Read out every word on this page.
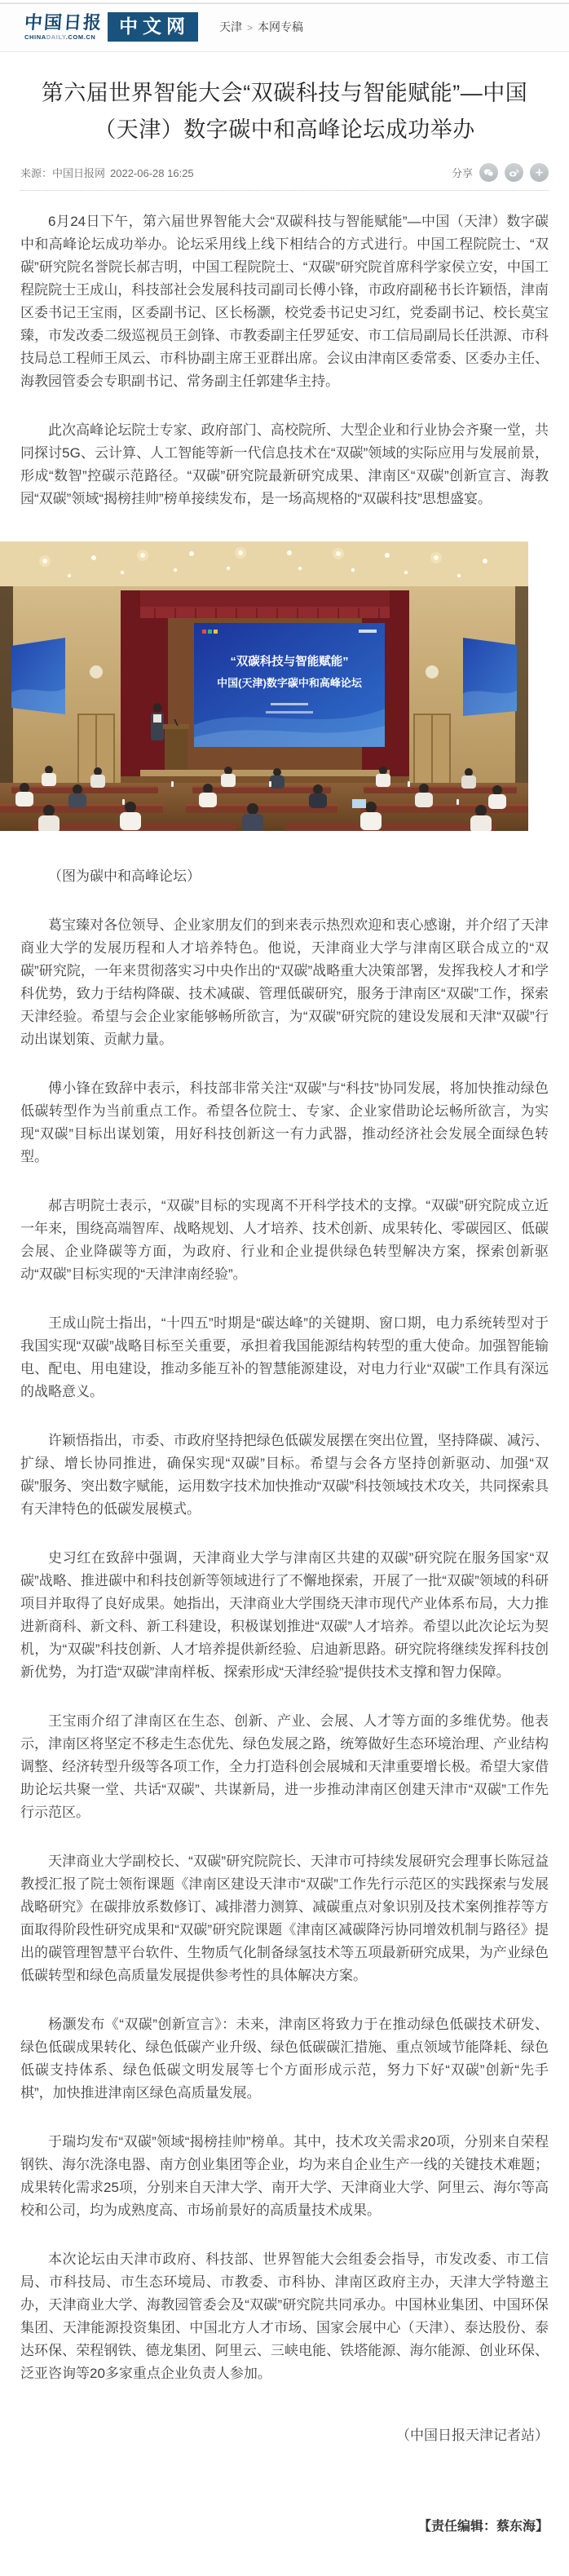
中国日报
CHINADAILY.COM.CN
中文网	天津 > 本网专稿
第六届世界智能大会“双碳科技与智能赋能”—中国（天津）数字碳中和高峰论坛成功举办
来源：中国日报网 2022-06-28 16:25	分享

6月24日下午，第六届世界智能大会“双碳科技与智能赋能”—中国（天津）数字碳中和高峰论坛成功举办。论坛采用线上线下相结合的方式进行。中国工程院院士、“双碳”研究院名誉院长郝吉明，中国工程院院士、“双碳”研究院首席科学家侯立安，中国工程院院士王成山，科技部社会发展科技司副司长傅小锋，市政府副秘书长许颖悟，津南区委书记王宝雨，区委副书记、区长杨灏，校党委书记史习红，党委副书记、校长莫宝臻，市发改委二级巡视员王剑锋、市教委副主任罗延安、市工信局副局长任洪源、市科技局总工程师王凤云、市科协副主席王亚群出席。会议由津南区委常委、区委办主任、海教园管委会专职副书记、常务副主任郭建华主持。

此次高峰论坛院士专家、政府部门、高校院所、大型企业和行业协会齐聚一堂，共同探讨5G、云计算、人工智能等新一代信息技术在“双碳”领域的实际应用与发展前景，形成“数智”控碳示范路径。“双碳”研究院最新研究成果、津南区“双碳”创新宣言、海教园“双碳”领域“揭榜挂帅”榜单接续发布，是一场高规格的“双碳科技”思想盛宴。

“双碳科技与智能赋能”
中国(天津)数字碳中和高峰论坛

（图为碳中和高峰论坛）

葛宝臻对各位领导、企业家朋友们的到来表示热烈欢迎和衷心感谢，并介绍了天津商业大学的发展历程和人才培养特色。他说，天津商业大学与津南区联合成立的“双碳”研究院，一年来贯彻落实习中央作出的“双碳”战略重大决策部署，发挥我校人才和学科优势，致力于结构降碳、技术减碳、管理低碳研究，服务于津南区“双碳”工作，探索天津经验。希望与会企业家能够畅所欲言，为“双碳”研究院的建设发展和天津“双碳”行动出谋划策、贡献力量。

傅小锋在致辞中表示，科技部非常关注“双碳”与“科技”协同发展，将加快推动绿色低碳转型作为当前重点工作。希望各位院士、专家、企业家借助论坛畅所欲言，为实现“双碳”目标出谋划策，用好科技创新这一有力武器，推动经济社会发展全面绿色转型。

郝吉明院士表示，“双碳”目标的实现离不开科学技术的支撑。“双碳”研究院成立近一年来，围绕高端智库、战略规划、人才培养、技术创新、成果转化、零碳园区、低碳会展、企业降碳等方面，为政府、行业和企业提供绿色转型解决方案，探索创新驱动“双碳”目标实现的“天津津南经验”。

王成山院士指出，“十四五”时期是“碳达峰”的关键期、窗口期，电力系统转型对于我国实现“双碳”战略目标至关重要，承担着我国能源结构转型的重大使命。加强智能输电、配电、用电建设，推动多能互补的智慧能源建设，对电力行业“双碳”工作具有深远的战略意义。

许颖悟指出，市委、市政府坚持把绿色低碳发展摆在突出位置，坚持降碳、减污、扩绿、增长协同推进，确保实现“双碳”目标。希望与会各方坚持创新驱动、加强“双碳”服务、突出数字赋能，运用数字技术加快推动“双碳”科技领域技术攻关，共同探索具有天津特色的低碳发展模式。

史习红在致辞中强调，天津商业大学与津南区共建的双碳”研究院在服务国家“双碳”战略、推进碳中和科技创新等领域进行了不懈地探索，开展了一批“双碳”领域的科研项目并取得了良好成果。她指出，天津商业大学围绕天津市现代产业体系布局，大力推进新商科、新文科、新工科建设，积极谋划推进“双碳”人才培养。希望以此次论坛为契机，为“双碳”科技创新、人才培养提供新经验、启迪新思路。研究院将继续发挥科技创新优势，为打造“双碳”津南样板、探索形成“天津经验”提供技术支撑和智力保障。

王宝雨介绍了津南区在生态、创新、产业、会展、人才等方面的多维优势。他表示，津南区将坚定不移走生态优先、绿色发展之路，统筹做好生态环境治理、产业结构调整、经济转型升级等各项工作，全力打造科创会展城和天津重要增长极。希望大家借助论坛共聚一堂、共话“双碳”、共谋新局，进一步推动津南区创建天津市“双碳”工作先行示范区。

天津商业大学副校长、“双碳”研究院院长、天津市可持续发展研究会理事长陈冠益教授汇报了院士领衔课题《津南区建设天津市“双碳”工作先行示范区的实践探索与发展战略研究》在碳排放系数修订、减排潜力测算、减碳重点对象识别及技术案例推荐等方面取得阶段性研究成果和“双碳”研究院课题《津南区减碳降污协同增效机制与路径》提出的碳管理智慧平台软件、生物质气化制备绿氢技术等五项最新研究成果，为产业绿色低碳转型和绿色高质量发展提供参考性的具体解决方案。

杨灏发布《“双碳”创新宣言》：未来，津南区将致力于在推动绿色低碳技术研发、绿色低碳成果转化、绿色低碳产业升级、绿色低碳碳汇措施、重点领域节能降耗、绿色低碳支持体系、绿色低碳文明发展等七个方面形成示范，努力下好“双碳”创新“先手棋”，加快推进津南区绿色高质量发展。

于瑞均发布“双碳”领域“揭榜挂帅”榜单。其中，技术攻关需求20项，分别来自荣程钢铁、海尔洗涤电器、南方创业集团等企业，均为来自企业生产一线的关键技术难题；成果转化需求25项，分别来自天津大学、南开大学、天津商业大学、阿里云、海尔等高校和公司，均为成熟度高、市场前景好的高质量技术成果。

本次论坛由天津市政府、科技部、世界智能大会组委会指导，市发改委、市工信局、市科技局、市生态环境局、市教委、市科协、津南区政府主办，天津大学特邀主办，天津商业大学、海教园管委会及“双碳”研究院共同承办。中国林业集团、中国环保集团、天津能源投资集团、中国北方人才市场、国家会展中心（天津）、泰达股份、泰达环保、荣程钢铁、德龙集团、阿里云、三峡电能、铁塔能源、海尔能源、创业环保、泛亚咨询等20多家重点企业负责人参加。

（中国日报天津记者站）

【责任编辑：蔡东海】
